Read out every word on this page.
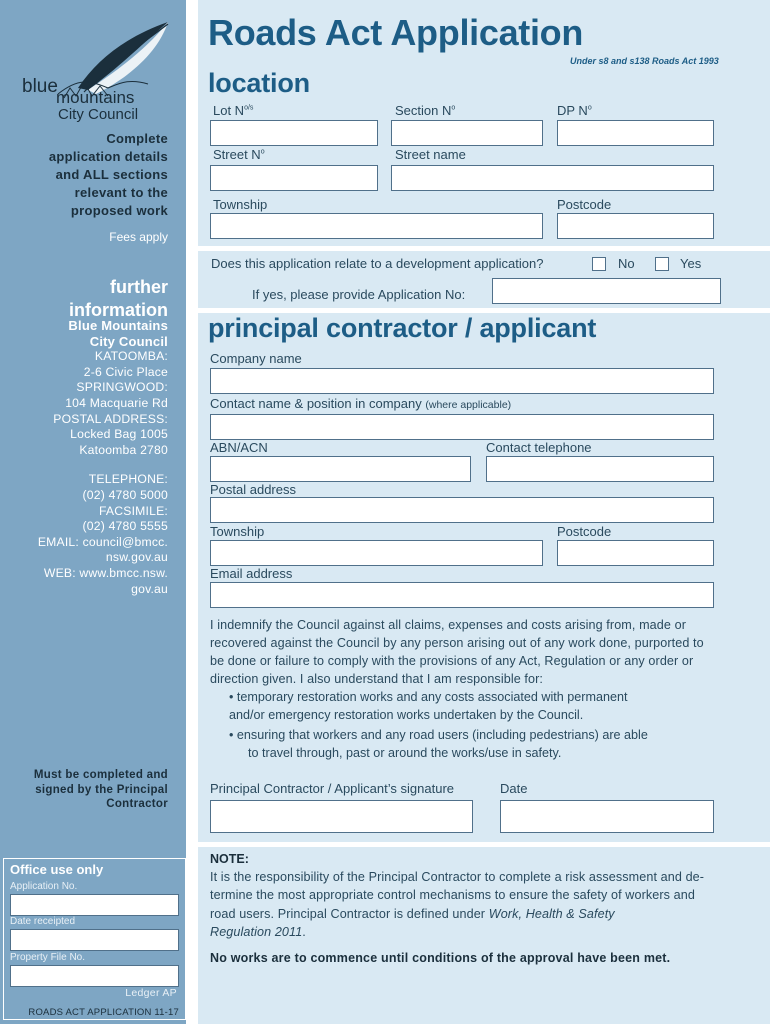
blue
mountains
City Council
Complete
application details
and ALL sections
relevant to the
proposed work
Fees apply
further
information
Blue Mountains
City Council
KATOOMBA:
2-6 Civic Place
SPRINGWOOD:
104 Macquarie Rd
POSTAL ADDRESS:
Locked Bag 1005
Katoomba 2780
TELEPHONE:
(02) 4780 5000
FACSIMILE:
(02) 4780 5555
EMAIL: council@bmcc.
nsw.gov.au
WEB: www.bmcc.nsw.
gov.au
Must be completed and
signed by the Principal
Contractor
Office use only
Application No.
Date receipted
Property File No.
Ledger AP
ROADS ACT APPLICATION 11-17
Roads Act Application
Under s8 and s138 Roads Act 1993
location
Lot $N^{o/s}$	Section $N^o$	DP $N^o$
Street $N^o$	Street name
Township	Postcode
Does this application relate to a development application?	No	Yes
If yes, please provide Application No:
principal contractor / applicant
Company name
Contact name & position in company (where applicable)
ABN/ACN	Contact telephone
Postal address
Township	Postcode
Email address
I indemnify the Council against all claims, expenses and costs arising from, made or
recovered against the Council by any person arising out of any work done, purported to
be done or failure to comply with the provisions of any Act, Regulation or any order or
direction given. I also understand that I am responsible for:
• temporary restoration works and any costs associated with permanent
and/or emergency restoration works undertaken by the Council.
• ensuring that workers and any road users (including pedestrians) are able
to travel through, past or around the works/use in safety.
Principal Contractor / Applicant’s signature	Date
NOTE:
It is the responsibility of the Principal Contractor to complete a risk assessment and de-
termine the most appropriate control mechanisms to ensure the safety of workers and
road users. Principal Contractor is defined under Work, Health & Safety
Regulation 2011.
No works are to commence until conditions of the approval have been met.
